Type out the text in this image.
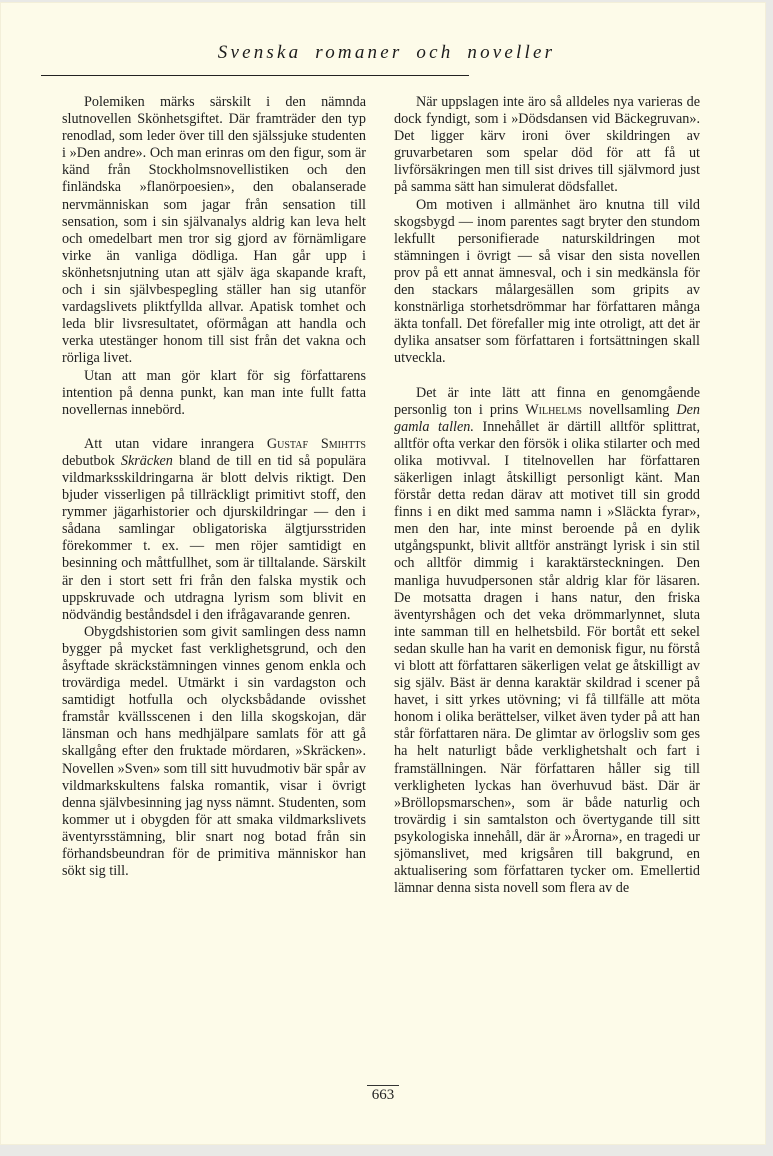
Svenska romaner och noveller

Polemiken märks särskilt i den nämnda slutnovellen Skönhetsgiftet. Där framträder den typ renodlad, som leder över till den själssjuke studenten i »Den andre». Och man erinras om den figur, som är känd från Stockholmsnovellistiken och den finländska »flanörpoesien», den obalanserade nervmänniskan som jagar från sensation till sensation, som i sin självanalys aldrig kan leva helt och omedelbart men tror sig gjord av förnämligare virke än vanliga dödliga. Han går upp i skönhetsnjutning utan att själv äga skapande kraft, och i sin självbespegling ställer han sig utanför vardagslivets pliktfyllda allvar. Apatisk tomhet och leda blir livsresultatet, oförmågan att handla och verka utestänger honom till sist från det vakna och rörliga livet.

Utan att man gör klart för sig författarens intention på denna punkt, kan man inte fullt fatta novellernas innebörd.

Att utan vidare inrangera Gustaf Smihtts debutbok Skräcken bland de till en tid så populära vildmarksskildringarna är blott delvis riktigt. Den bjuder visserligen på tillräckligt primitivt stoff, den rymmer jägarhistorier och djurskildringar — den i sådana samlingar obligatoriska älgtjursstriden förekommer t. ex. — men röjer samtidigt en besinning och måttfullhet, som är tilltalande. Särskilt är den i stort sett fri från den falska mystik och uppskruvade och utdragna lyrism som blivit en nödvändig beståndsdel i den ifrågavarande genren.

Obygdshistorien som givit samlingen dess namn bygger på mycket fast verklighetsgrund, och den åsyftade skräckstämningen vinnes genom enkla och trovärdiga medel. Utmärkt i sin vardagston och samtidigt hotfulla och olycksbådande ovisshet framstår kvällsscenen i den lilla skogskojan, där länsman och hans medhjälpare samlats för att gå skallgång efter den fruktade mördaren, »Skräcken». Novellen »Sven» som till sitt huvudmotiv bär spår av vildmarkskultens falska romantik, visar i övrigt denna självbesinning jag nyss nämnt. Studenten, som kommer ut i obygden för att smaka vildmarkslivets äventyrsstämning, blir snart nog botad från sin förhandsbeundran för de primitiva människor han sökt sig till.

När uppslagen inte äro så alldeles nya varieras de dock fyndigt, som i »Dödsdansen vid Bäckegruvan». Det ligger kärv ironi över skildringen av gruvarbetaren som spelar död för att få ut livförsäkringen men till sist drives till självmord just på samma sätt han simulerat dödsfallet.

Om motiven i allmänhet äro knutna till vild skogsbygd — inom parentes sagt bryter den stundom lekfullt personifierade naturskildringen mot stämningen i övrigt — så visar den sista novellen prov på ett annat ämnesval, och i sin medkänsla för den stackars målargesällen som gripits av konstnärliga storhetsdrömmar har författaren många äkta tonfall. Det förefaller mig inte otroligt, att det är dylika ansatser som författaren i fortsättningen skall utveckla.

Det är inte lätt att finna en genomgående personlig ton i prins Wilhelms novellsamling Den gamla tallen. Innehållet är därtill alltför splittrat, alltför ofta verkar den försök i olika stilarter och med olika motivval. I titelnovellen har författaren säkerligen inlagt åtskilligt personligt känt. Man förstår detta redan därav att motivet till sin grodd finns i en dikt med samma namn i »Släckta fyrar», men den har, inte minst beroende på en dylik utgångspunkt, blivit alltför ansträngt lyrisk i sin stil och alltför dimmig i karaktärsteckningen. Den manliga huvudpersonen står aldrig klar för läsaren. De motsatta dragen i hans natur, den friska äventyrshågen och det veka drömmarlynnet, sluta inte samman till en helhetsbild. För bortåt ett sekel sedan skulle han ha varit en demonisk figur, nu förstå vi blott att författaren säkerligen velat ge åtskilligt av sig själv. Bäst är denna karaktär skildrad i scener på havet, i sitt yrkes utövning; vi få tillfälle att möta honom i olika berättelser, vilket även tyder på att han står författaren nära. De glimtar av örlogsliv som ges ha helt naturligt både verklighetshalt och fart i framställningen. När författaren håller sig till verkligheten lyckas han överhuvud bäst. Där är »Bröllopsmarschen», som är både naturlig och trovärdig i sin samtalston och övertygande till sitt psykologiska innehåll, där är »Årorna», en tragedi ur sjömanslivet, med krigsåren till bakgrund, en aktualisering som författaren tycker om. Emellertid lämnar denna sista novell som flera av de

663
